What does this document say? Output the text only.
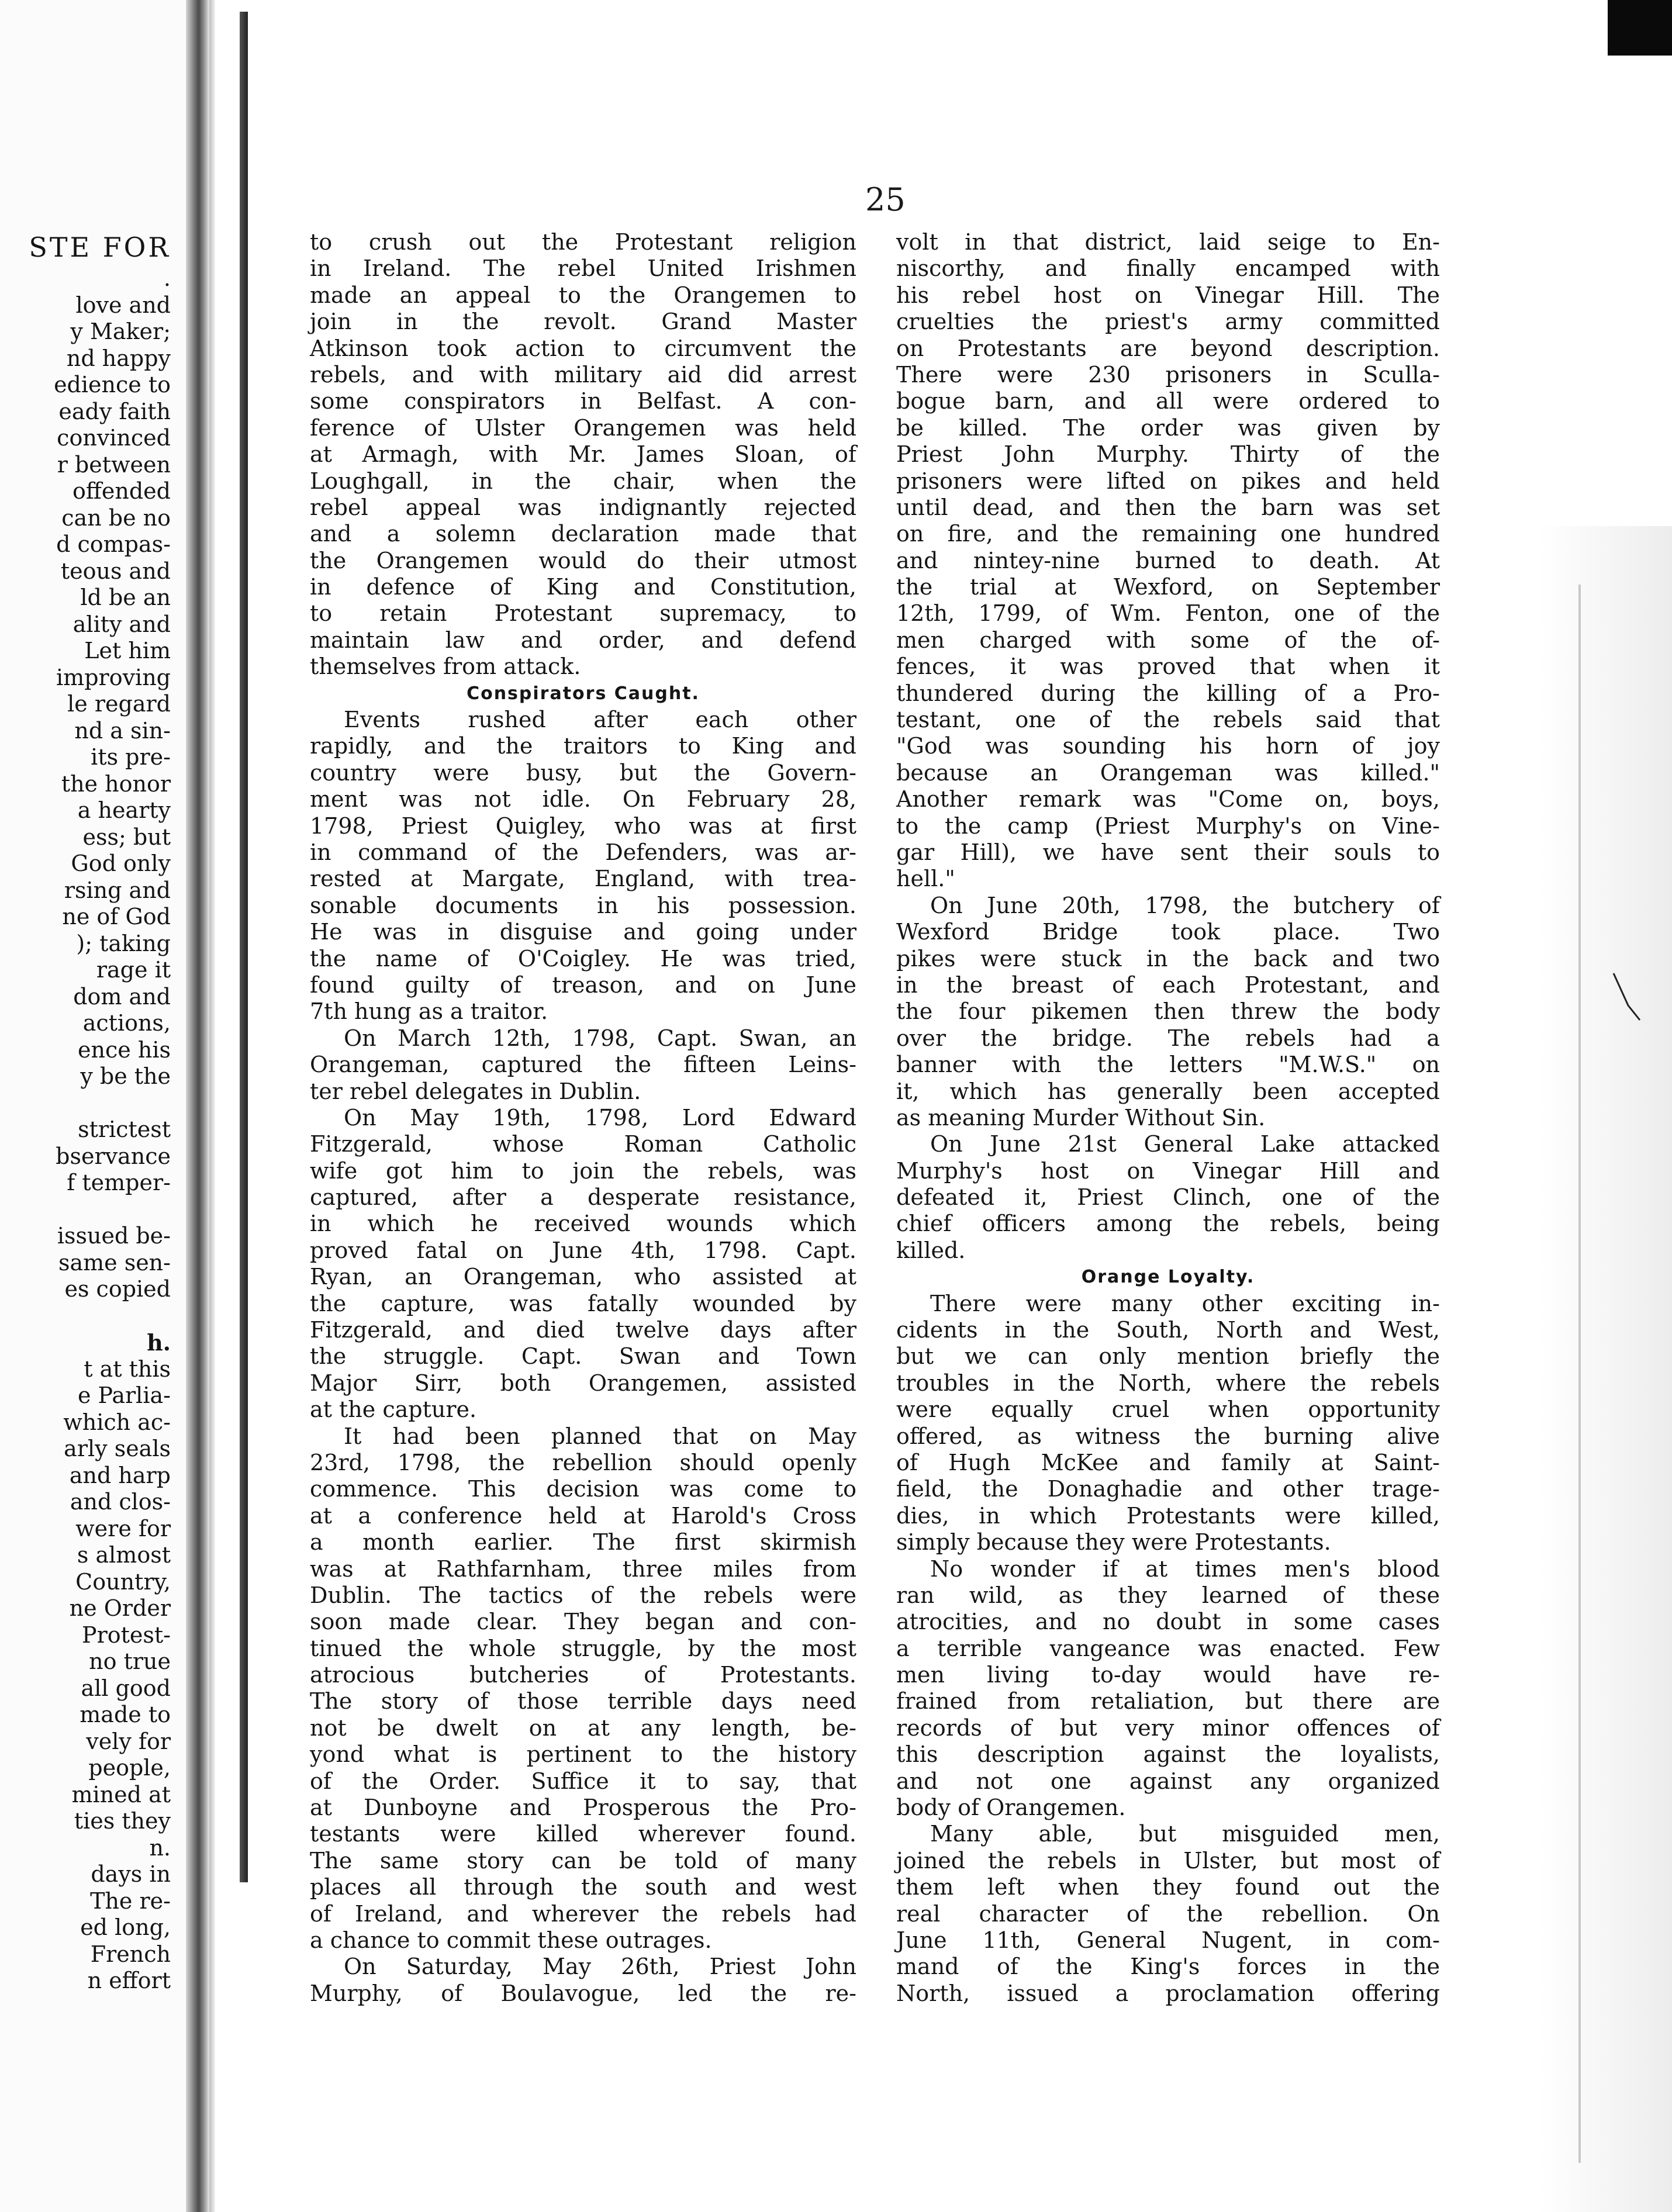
STE FOR
.
love and
y Maker;
nd happy
edience to
eady faith
convinced
r between
offended
can be no
d compas-
teous and
ld be an
ality and
Let him
improving
le regard
nd a sin-
its pre-
the honor
a hearty
ess; but
God only
rsing and
ne of God
); taking
rage it
dom and
actions,
ence his
y be the
strictest
bservance
f temper-
issued be-
same sen-
es copied
h.
t at this
e Parlia-
which ac-
arly seals
and harp
and clos-
were for
s almost
Country,
ne Order
Protest-
no true
all good
made to
vely for
people,
mined at
ties they
n.
days in
The re-
ed long,
French
n effort
25
to crush out the Protestant religion
in Ireland. The rebel United Irishmen
made an appeal to the Orangemen to
join in the revolt. Grand Master
Atkinson took action to circumvent the
rebels, and with military aid did arrest
some conspirators in Belfast. A con-
ference of Ulster Orangemen was held
at Armagh, with Mr. James Sloan, of
Loughgall, in the chair, when the
rebel appeal was indignantly rejected
and a solemn declaration made that
the Orangemen would do their utmost
in defence of King and Constitution,
to retain Protestant supremacy, to
maintain law and order, and defend
themselves from attack.
Conspirators Caught.
Events rushed after each other
rapidly, and the traitors to King and
country were busy, but the Govern-
ment was not idle. On February 28,
1798, Priest Quigley, who was at first
in command of the Defenders, was ar-
rested at Margate, England, with trea-
sonable documents in his possession.
He was in disguise and going under
the name of O'Coigley. He was tried,
found guilty of treason, and on June
7th hung as a traitor.
On March 12th, 1798, Capt. Swan, an
Orangeman, captured the fifteen Leins-
ter rebel delegates in Dublin.
On May 19th, 1798, Lord Edward
Fitzgerald, whose Roman Catholic
wife got him to join the rebels, was
captured, after a desperate resistance,
in which he received wounds which
proved fatal on June 4th, 1798. Capt.
Ryan, an Orangeman, who assisted at
the capture, was fatally wounded by
Fitzgerald, and died twelve days after
the struggle. Capt. Swan and Town
Major Sirr, both Orangemen, assisted
at the capture.
It had been planned that on May
23rd, 1798, the rebellion should openly
commence. This decision was come to
at a conference held at Harold's Cross
a month earlier. The first skirmish
was at Rathfarnham, three miles from
Dublin. The tactics of the rebels were
soon made clear. They began and con-
tinued the whole struggle, by the most
atrocious butcheries of Protestants.
The story of those terrible days need
not be dwelt on at any length, be-
yond what is pertinent to the history
of the Order. Suffice it to say, that
at Dunboyne and Prosperous the Pro-
testants were killed wherever found.
The same story can be told of many
places all through the south and west
of Ireland, and wherever the rebels had
a chance to commit these outrages.
On Saturday, May 26th, Priest John
Murphy, of Boulavogue, led the re-
volt in that district, laid seige to En-
niscorthy, and finally encamped with
his rebel host on Vinegar Hill. The
cruelties the priest's army committed
on Protestants are beyond description.
There were 230 prisoners in Sculla-
bogue barn, and all were ordered to
be killed. The order was given by
Priest John Murphy. Thirty of the
prisoners were lifted on pikes and held
until dead, and then the barn was set
on fire, and the remaining one hundred
and nintey-nine burned to death. At
the trial at Wexford, on September
12th, 1799, of Wm. Fenton, one of the
men charged with some of the of-
fences, it was proved that when it
thundered during the killing of a Pro-
testant, one of the rebels said that
"God was sounding his horn of joy
because an Orangeman was killed."
Another remark was "Come on, boys,
to the camp (Priest Murphy's on Vine-
gar Hill), we have sent their souls to
hell."
On June 20th, 1798, the butchery of
Wexford Bridge took place. Two
pikes were stuck in the back and two
in the breast of each Protestant, and
the four pikemen then threw the body
over the bridge. The rebels had a
banner with the letters "M.W.S." on
it, which has generally been accepted
as meaning Murder Without Sin.
On June 21st General Lake attacked
Murphy's host on Vinegar Hill and
defeated it, Priest Clinch, one of the
chief officers among the rebels, being
killed.
Orange Loyalty.
There were many other exciting in-
cidents in the South, North and West,
but we can only mention briefly the
troubles in the North, where the rebels
were equally cruel when opportunity
offered, as witness the burning alive
of Hugh McKee and family at Saint-
field, the Donaghadie and other trage-
dies, in which Protestants were killed,
simply because they were Protestants.
No wonder if at times men's blood
ran wild, as they learned of these
atrocities, and no doubt in some cases
a terrible vangeance was enacted. Few
men living to-day would have re-
frained from retaliation, but there are
records of but very minor offences of
this description against the loyalists,
and not one against any organized
body of Orangemen.
Many able, but misguided men,
joined the rebels in Ulster, but most of
them left when they found out the
real character of the rebellion. On
June 11th, General Nugent, in com-
mand of the King's forces in the
North, issued a proclamation offering
